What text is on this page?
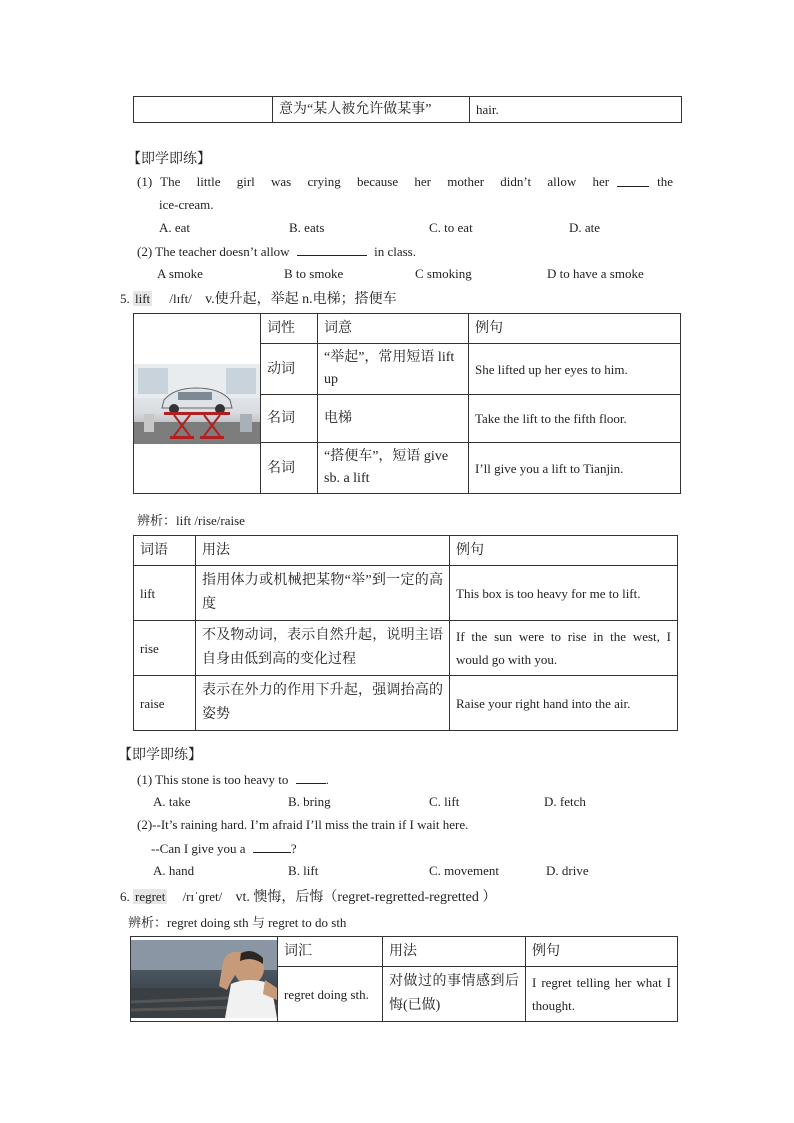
	意为“某人被允许做某事”	hair.
【即学即练】
(1) The little girl was crying because her mother didn’t allow her	the
ice-cream.
A. eat	B. eats	C. to eat	D. ate
(2) The teacher doesn’t allow	in class.
A smoke	B to smoke	C smoking	D to have a smoke
5. lift /lɪft/ v.使升起，举起 n.电梯；搭便车
	词性	词意	例句
	动词	“举起”，常用短语 lift up	She lifted up her eyes to him.
	名词	电梯	Take the lift to the fifth floor.
	名词	“搭便车”，短语 give sb. a lift	I’ll give you a lift to Tianjin.
辨析：lift /rise/raise
词语	用法	例句
lift	指用体力或机械把某物“举”到一定的高度	This box is too heavy for me to lift.
rise	不及物动词，表示自然升起，说明主语自身由低到高的变化过程	If the sun were to rise in the west, I would go with you.
raise	表示在外力的作用下升起，强调抬高的姿势	Raise your right hand into the air.
【即学即练】
(1) This stone is too heavy to	.
A. take	B. bring	C. lift	D. fetch
(2)--It’s raining hard. I’m afraid I’ll miss the train if I wait here.
--Can I give you a	?
A. hand	B. lift	C. movement	D. drive
6. regret /rɪˈɡret/ vt. 懊悔，后悔（regret-regretted-regretted ）
辨析：regret doing sth 与 regret to do sth
	词汇	用法	例句
	regret doing sth.	对做过的事情感到后悔(已做)	I regret telling her what I thought.
